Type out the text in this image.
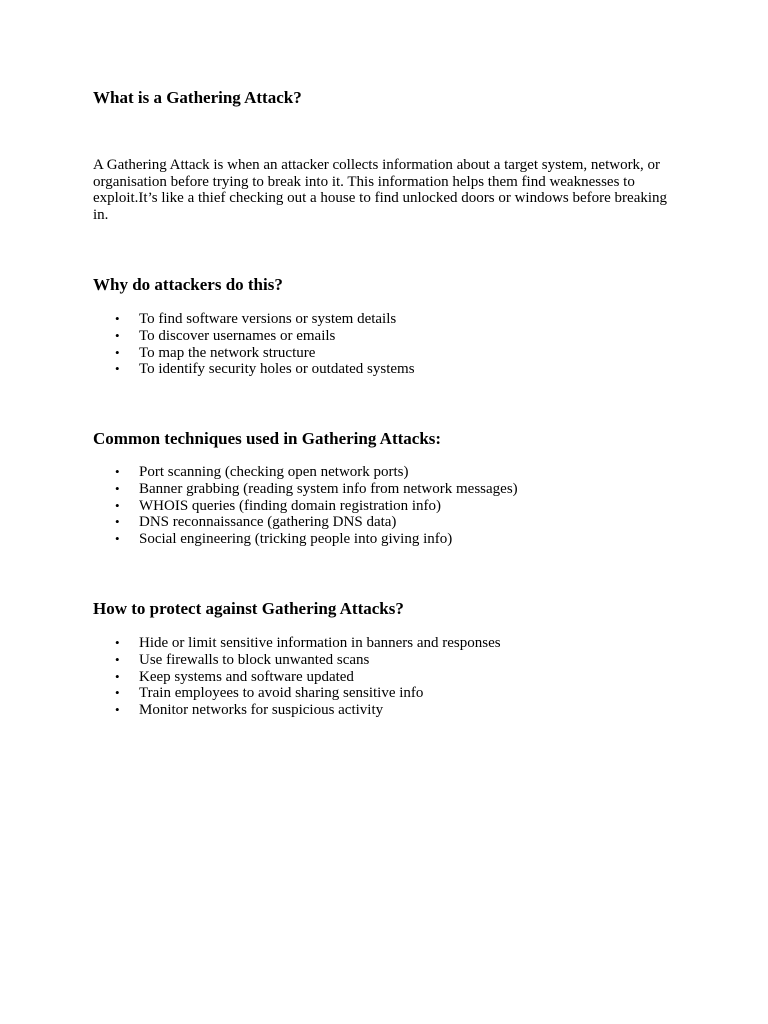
What is a Gathering Attack?

A Gathering Attack is when an attacker collects information about a target system, network, or organisation before trying to break into it. This information helps them find weaknesses to exploit.It’s like a thief checking out a house to find unlocked doors or windows before breaking in.

Why do attackers do this?
• To find software versions or system details
• To discover usernames or emails
• To map the network structure
• To identify security holes or outdated systems
Common techniques used in Gathering Attacks:
• Port scanning (checking open network ports)
• Banner grabbing (reading system info from network messages)
• WHOIS queries (finding domain registration info)
• DNS reconnaissance (gathering DNS data)
• Social engineering (tricking people into giving info)
How to protect against Gathering Attacks?
• Hide or limit sensitive information in banners and responses
• Use firewalls to block unwanted scans
• Keep systems and software updated
• Train employees to avoid sharing sensitive info
• Monitor networks for suspicious activity
